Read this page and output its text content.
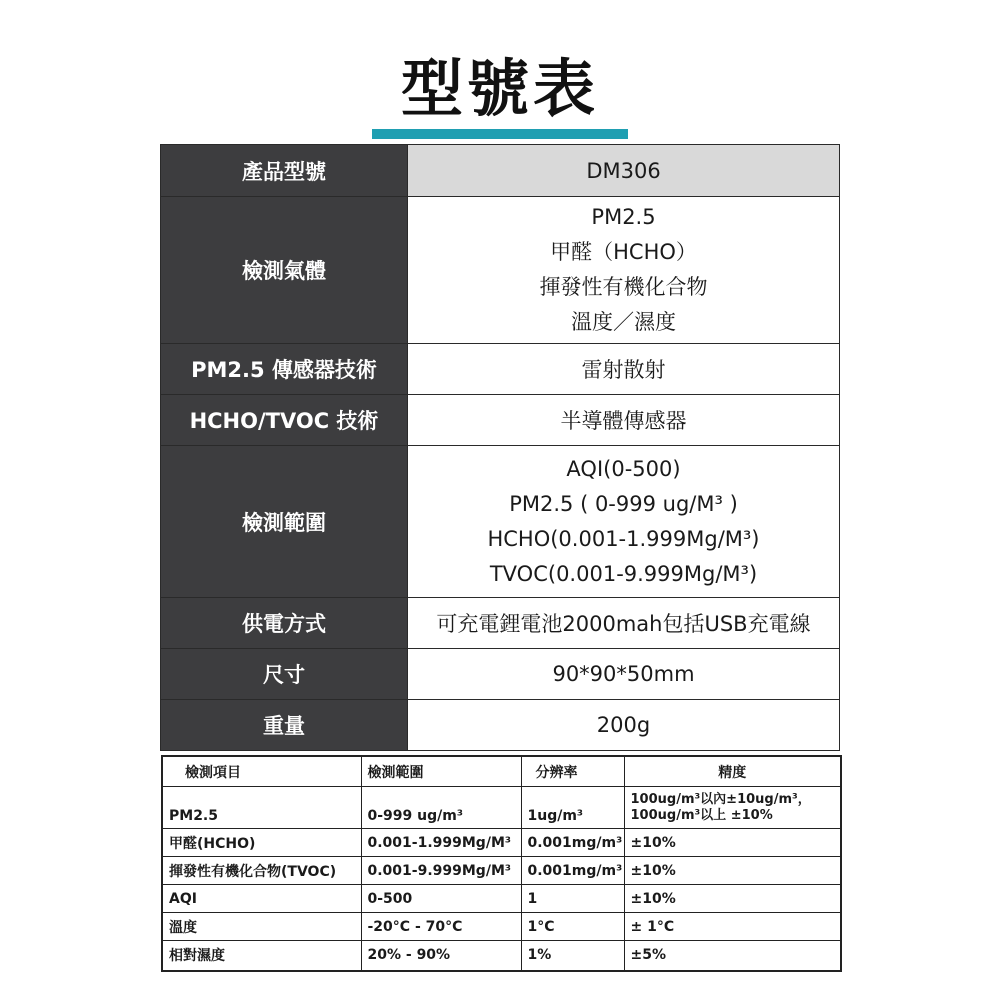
型號表
產品型號	DM306
檢測氣體	PM2.5
甲醛（HCHO）
揮發性有機化合物
溫度／濕度

PM2.5 傳感器技術	雷射散射
HCHO/TVOC 技術	半導體傳感器
檢測範圍	AQI(0-500)
PM2.5 ( 0-999 ug/M³ )
HCHO(0.001-1.999Mg/M³)
TVOC(0.001-9.999Mg/M³)

供電方式	可充電鋰電池2000mah包括USB充電線
尺寸	90*90*50mm
重量	200g
檢測項目	檢測範圍	分辨率	精度
PM2.5	0-999 ug/m³	1ug/m³	100ug/m³以內±10ug/m³，
100ug/m³以上 ±10%

甲醛(HCHO)	0.001-1.999Mg/M³	0.001mg/m³	±10%
揮發性有機化合物(TVOC)	0.001-9.999Mg/M³	0.001mg/m³	±10%
AQI	0-500	1	±10%
溫度	-20°C - 70°C	1°C	± 1°C
相對濕度	20% - 90%	1%	±5%
